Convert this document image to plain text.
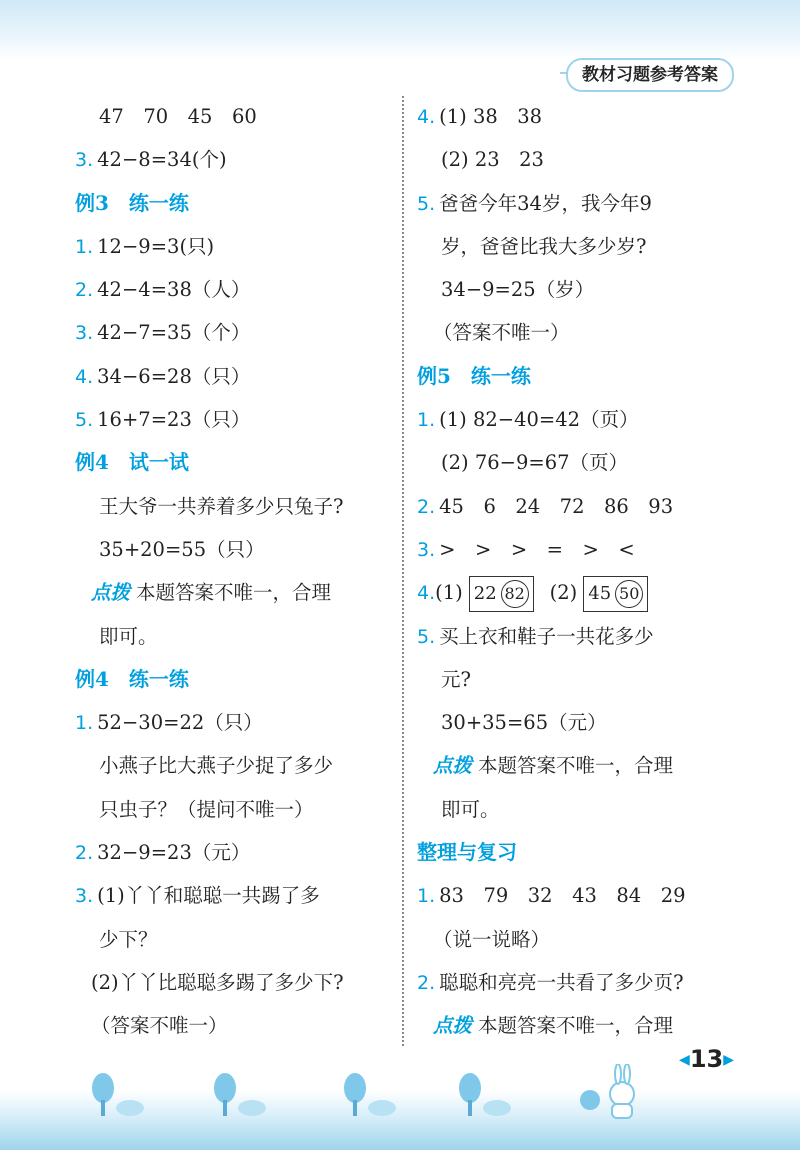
教材习题参考答案
47　70　45　60
3. 42−8=34(个)
例3 练一练
1. 12−9=3(只)
2. 42−4=38（人）
3. 42−7=35（个）
4. 34−6=28（只）
5. 16+7=23（只）
例4 试一试
王大爷一共养着多少只兔子?
35+20=55（只）
点拨 本题答案不唯一，合理
即可。
例4 练一练
1. 52−30=22（只）
小燕子比大燕子少捉了多少
只虫子？（提问不唯一）
2. 32−9=23（元）
3. (1)丫丫和聪聪一共踢了多
少下？
(2)丫丫比聪聪多踢了多少下?
（答案不唯一）
4. (1) 38　38
(2) 23　23
5. 爸爸今年34岁，我今年9
岁，爸爸比我大多少岁?
34−9=25（岁）
（答案不唯一）
例5 练一练
1. (1) 82−40=42（页）
(2) 76−9=67（页）
2. 45　6　24　72　86　93
3. >　>　>　=　>　<
4.(1) 22 82 (2) 45 50
5. 买上衣和鞋子一共花多少
元?
30+35=65（元）
点拨 本题答案不唯一，合理
即可。
整理与复习
1. 83　79　32　43　84　29
（说一说略）
2. 聪聪和亮亮一共看了多少页?
点拨 本题答案不唯一，合理
◀13▶
